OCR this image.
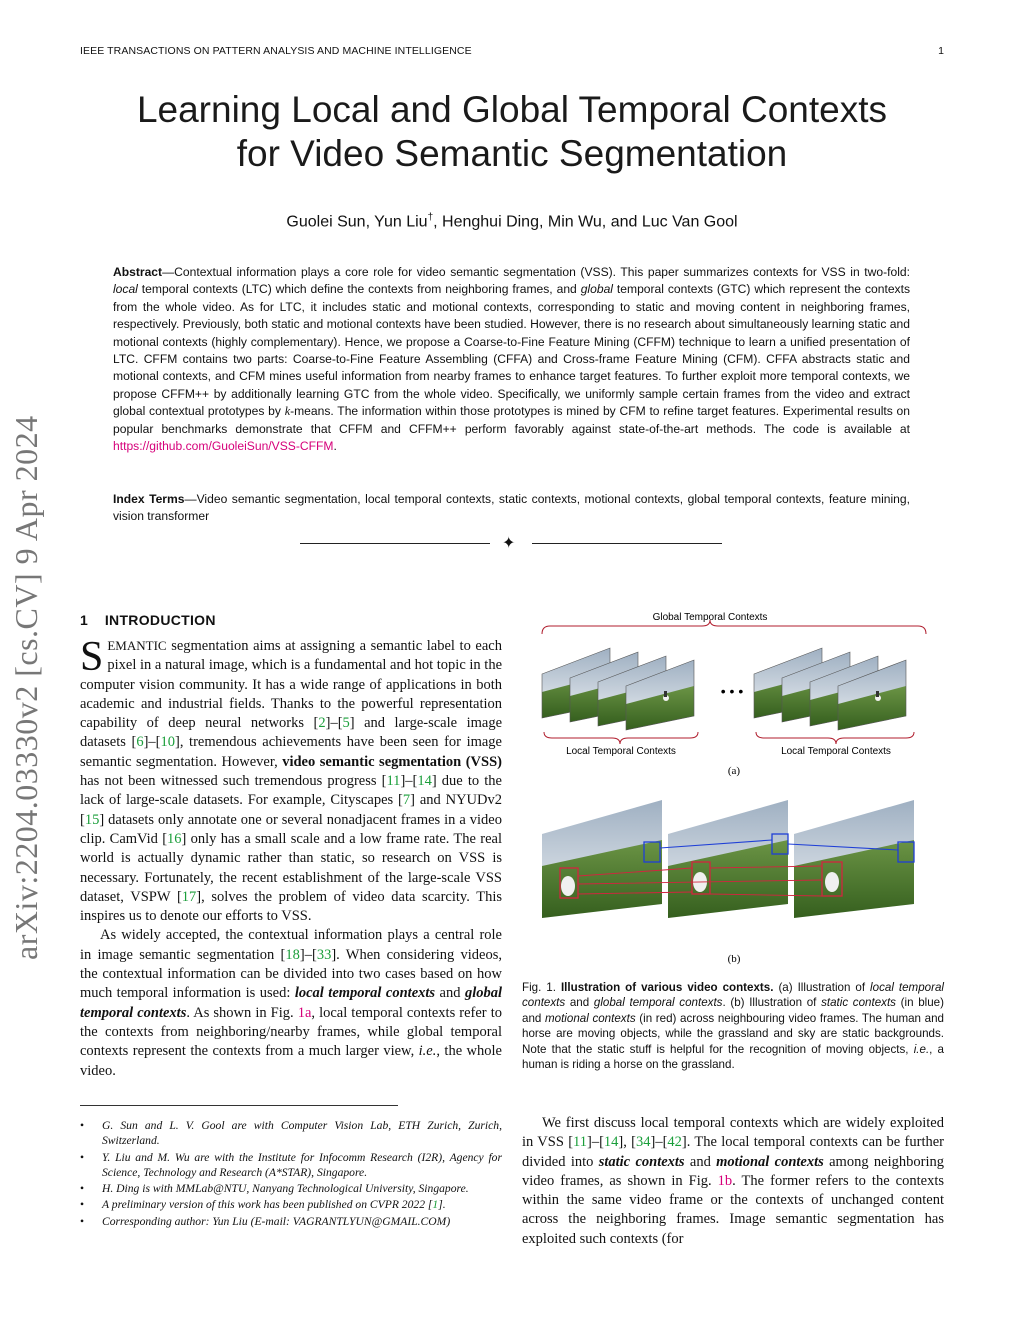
IEEE TRANSACTIONS ON PATTERN ANALYSIS AND MACHINE INTELLIGENCE	1
arXiv:2204.03330v2 [cs.CV] 9 Apr 2024
Learning Local and Global Temporal Contexts
for Video Semantic Segmentation
Guolei Sun, Yun Liu†, Henghui Ding, Min Wu, and Luc Van Gool
Abstract—Contextual information plays a core role for video semantic segmentation (VSS). This paper summarizes contexts for VSS in two-fold: local temporal contexts (LTC) which define the contexts from neighboring frames, and global temporal contexts (GTC) which represent the contexts from the whole video. As for LTC, it includes static and motional contexts, corresponding to static and moving content in neighboring frames, respectively. Previously, both static and motional contexts have been studied. However, there is no research about simultaneously learning static and motional contexts (highly complementary). Hence, we propose a Coarse-to-Fine Feature Mining (CFFM) technique to learn a unified presentation of LTC. CFFM contains two parts: Coarse-to-Fine Feature Assembling (CFFA) and Cross-frame Feature Mining (CFM). CFFA abstracts static and motional contexts, and CFM mines useful information from nearby frames to enhance target features. To further exploit more temporal contexts, we propose CFFM++ by additionally learning GTC from the whole video. Specifically, we uniformly sample certain frames from the video and extract global contextual prototypes by k-means. The information within those prototypes is mined by CFM to refine target features. Experimental results on popular benchmarks demonstrate that CFFM and CFFM++ perform favorably against state-of-the-art methods. The code is available at https://github.com/GuoleiSun/VSS-CFFM.
Index Terms—Video semantic segmentation, local temporal contexts, static contexts, motional contexts, global temporal contexts, feature mining, vision transformer
✦
1 INTRODUCTION

SEMANTIC segmentation aims at assigning a semantic label to each pixel in a natural image, which is a fundamental and hot topic in the computer vision community. It has a wide range of applications in both academic and industrial fields. Thanks to the powerful representation capability of deep neural networks [2]–[5] and large-scale image datasets [6]–[10], tremendous achievements have been seen for image semantic segmentation. However, video semantic segmentation (VSS) has not been witnessed such tremendous progress [11]–[14] due to the lack of large-scale datasets. For example, Cityscapes [7] and NYUDv2 [15] datasets only annotate one or several nonadjacent frames in a video clip. CamVid [16] only has a small scale and a low frame rate. The real world is actually dynamic rather than static, so research on VSS is necessary. Fortunately, the recent establishment of the large-scale VSS dataset, VSPW [17], solves the problem of video data scarcity. This inspires us to denote our efforts to VSS.

As widely accepted, the contextual information plays a central role in image semantic segmentation [18]–[33]. When considering videos, the contextual information can be divided into two cases based on how much temporal information is used: local temporal contexts and global temporal contexts. As shown in Fig. 1a, local temporal contexts refer to the contexts from neighboring/nearby frames, while global temporal contexts represent the contexts from a much larger view, i.e., the whole video.

• G. Sun and L. V. Gool are with Computer Vision Lab, ETH Zurich, Zurich, Switzerland.
• Y. Liu and M. Wu are with the Institute for Infocomm Research (I2R), Agency for Science, Technology and Research (A*STAR), Singapore.
• H. Ding is with MMLab@NTU, Nanyang Technological University, Singapore.
• A preliminary version of this work has been published on CVPR 2022 [1].
• Corresponding author: Yun Liu (E-mail: VAGRANTLYUN@GMAIL.COM)
Global Temporal Contexts
• • •
Local Temporal Contexts	Local Temporal Contexts
(a)
(b)
Fig. 1. Illustration of various video contexts. (a) Illustration of local temporal contexts and global temporal contexts. (b) Illustration of static contexts (in blue) and motional contexts (in red) across neighbouring video frames. The human and horse are moving objects, while the grassland and sky are static backgrounds. Note that the static stuff is helpful for the recognition of moving objects, i.e., a human is riding a horse on the grassland.

We first discuss local temporal contexts which are widely exploited in VSS [11]–[14], [34]–[42]. The local temporal contexts can be further divided into static contexts and motional contexts among neighboring video frames, as shown in Fig. 1b. The former refers to the contexts within the same video frame or the contexts of unchanged content across the neighboring frames. Image semantic segmentation has exploited such contexts (for
